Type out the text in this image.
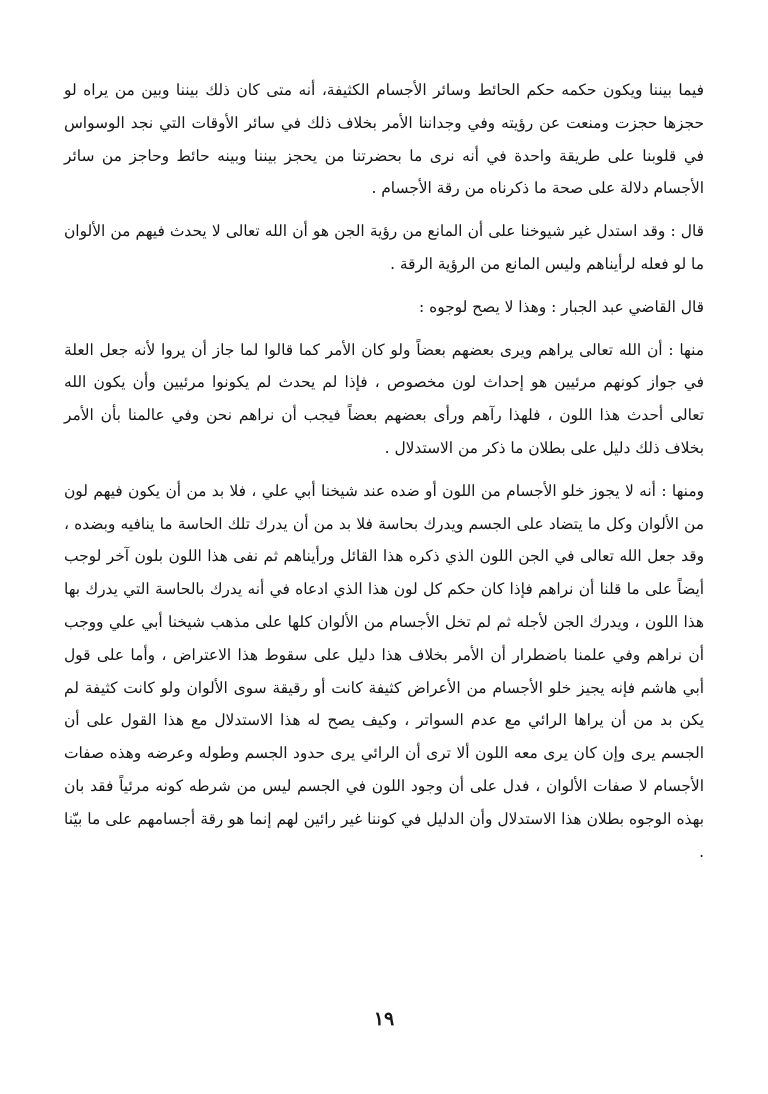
فيما بيننا ويكون حكمه حكم الحائط وسائر الأجسام الكثيفة، أنه متى كان ذلك بيننا وبين من يراه لو حجزها حجزت ومنعت عن رؤيته وفي وجداننا الأمر بخلاف ذلك في سائر الأوقات التي نجد الوسواس في قلوبنا على طريقة واحدة في أنه نرى ما بحضرتنا من يحجز بيننا وبينه حائط وحاجز من سائر الأجسام دلالة على صحة ما ذكرناه من رقة الأجسام .

قال : وقد استدل غير شيوخنا على أن المانع من رؤية الجن هو أن الله تعالى لا يحدث فيهم من الألوان ما لو فعله لرأيناهم وليس المانع من الرؤية الرقة .

قال القاضي عبد الجبار : وهذا لا يصح لوجوه :

منها : أن الله تعالى يراهم ويرى بعضهم بعضاً ولو كان الأمر كما قالوا لما جاز أن يروا لأنه جعل العلة في جواز كونهم مرئيين هو إحداث لون مخصوص ، فإذا لم يحدث لم يكونوا مرئيين وأن يكون الله تعالى أحدث هذا اللون ، فلهذا رآهم ورأى بعضهم بعضاً فيجب أن نراهم نحن وفي عالمنا بأن الأمر بخلاف ذلك دليل على بطلان ما ذكر من الاستدلال .

ومنها : أنه لا يجوز خلو الأجسام من اللون أو ضده عند شيخنا أبي علي ، فلا بد من أن يكون فيهم لون من الألوان وكل ما يتضاد على الجسم ويدرك بحاسة فلا بد من أن يدرك تلك الحاسة ما ينافيه وبضده ، وقد جعل الله تعالى في الجن اللون الذي ذكره هذا القائل ورأيناهم ثم نفى هذا اللون بلون آخر لوجب أيضاً على ما قلنا أن نراهم فإذا كان حكم كل لون هذا الذي ادعاه في أنه يدرك بالحاسة التي يدرك بها هذا اللون ، ويدرك الجن لأجله ثم لم تخل الأجسام من الألوان كلها على مذهب شيخنا أبي علي ووجب أن نراهم وفي علمنا باضطرار أن الأمر بخلاف هذا دليل على سقوط هذا الاعتراض ، وأما على قول أبي هاشم فإنه يجيز خلو الأجسام من الأعراض كثيفة كانت أو رقيقة سوى الألوان ولو كانت كثيفة لم يكن بد من أن يراها الرائي مع عدم السواتر ، وكيف يصح له هذا الاستدلال مع هذا القول على أن الجسم يرى وإن كان يرى معه اللون ألا ترى أن الرائي يرى حدود الجسم وطوله وعرضه وهذه صفات الأجسام لا صفات الألوان ، فدل على أن وجود اللون في الجسم ليس من شرطه كونه مرئياً فقد بان بهذه الوجوه بطلان هذا الاستدلال وأن الدليل في كوننا غير رائين لهم إنما هو رقة أجسامهم على ما بيّنا .

١٩
